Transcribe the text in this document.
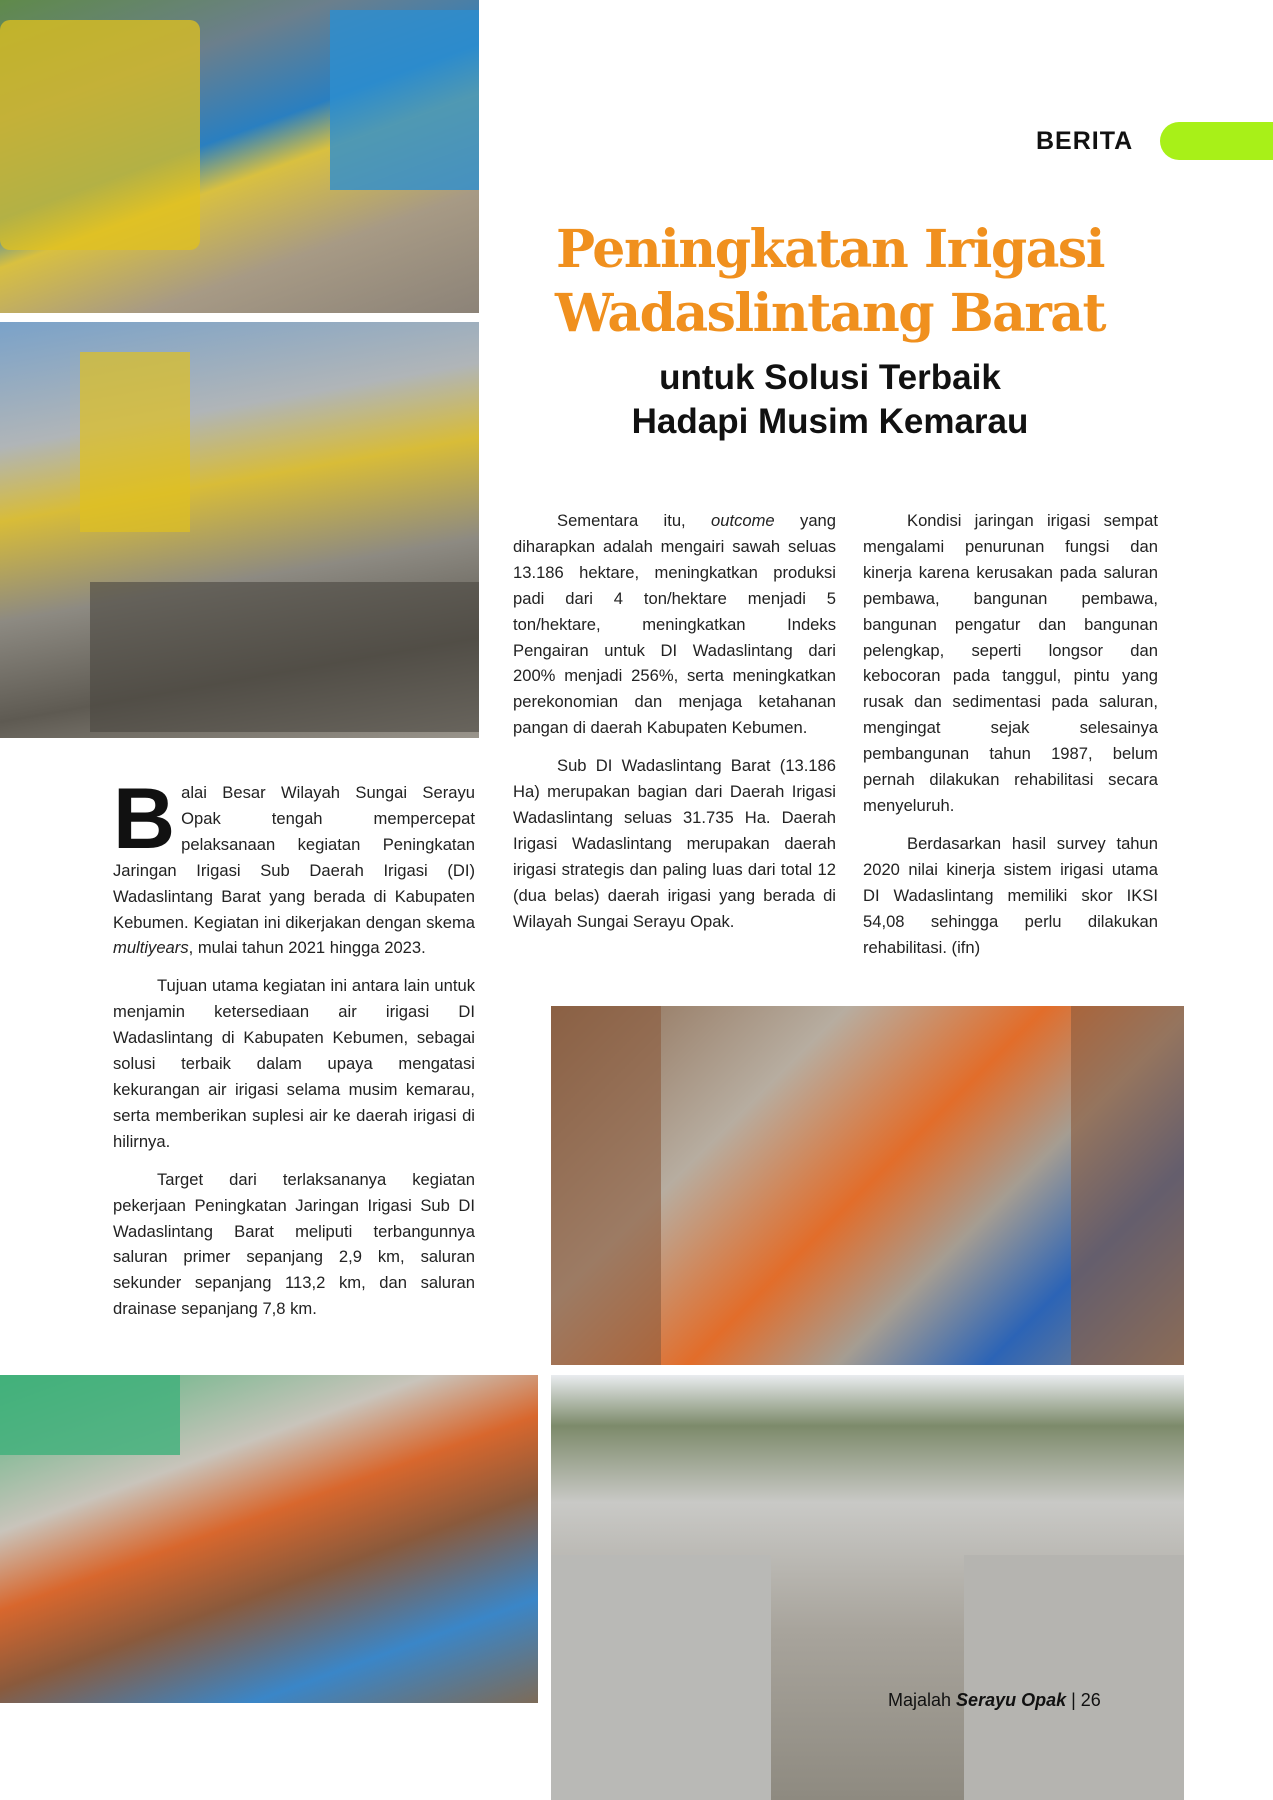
BERITA
Peningkatan Irigasi
Wadaslintang Barat
untuk Solusi Terbaik
Hadapi Musim Kemarau

Balai Besar Wilayah Sungai Serayu Opak tengah mempercepat pelaksanaan kegiatan Peningkatan Jaringan Irigasi Sub Daerah Irigasi (DI) Wadaslintang Barat yang berada di Kabupaten Kebumen. Kegiatan ini dikerjakan dengan skema multiyears, mulai tahun 2021 hingga 2023.

Tujuan utama kegiatan ini antara lain untuk menjamin ketersediaan air irigasi DI Wadaslintang di Kabupaten Kebumen, sebagai solusi terbaik dalam upaya mengatasi kekurangan air irigasi selama musim kemarau, serta memberikan suplesi air ke daerah irigasi di hilirnya.

Target dari terlaksananya kegiatan pekerjaan Peningkatan Jaringan Irigasi Sub DI Wadaslintang Barat meliputi terbangunnya saluran primer sepanjang 2,9 km, saluran sekunder sepanjang 113,2 km, dan saluran drainase sepanjang 7,8 km.

Sementara itu, outcome yang diharapkan adalah mengairi sawah seluas 13.186 hektare, meningkatkan produksi padi dari 4 ton/hektare menjadi 5 ton/hektare, meningkatkan Indeks Pengairan untuk DI Wadaslintang dari 200% menjadi 256%, serta meningkatkan perekonomian dan menjaga ketahanan pangan di daerah Kabupaten Kebumen.

Sub DI Wadaslintang Barat (13.186 Ha) merupakan bagian dari Daerah Irigasi Wadaslintang seluas 31.735 Ha. Daerah Irigasi Wadaslintang merupakan daerah irigasi strategis dan paling luas dari total 12 (dua belas) daerah irigasi yang berada di Wilayah Sungai Serayu Opak.

Kondisi jaringan irigasi sempat mengalami penurunan fungsi dan kinerja karena kerusakan pada saluran pembawa, bangunan pembawa, bangunan pengatur dan bangunan pelengkap, seperti longsor dan kebocoran pada tanggul, pintu yang rusak dan sedimentasi pada saluran, mengingat sejak selesainya pembangunan tahun 1987, belum pernah dilakukan rehabilitasi secara menyeluruh.

Berdasarkan hasil survey tahun 2020 nilai kinerja sistem irigasi utama DI Wadaslintang memiliki skor IKSI 54,08 sehingga perlu dilakukan rehabilitasi. (ifn)

Majalah Serayu Opak | 26
